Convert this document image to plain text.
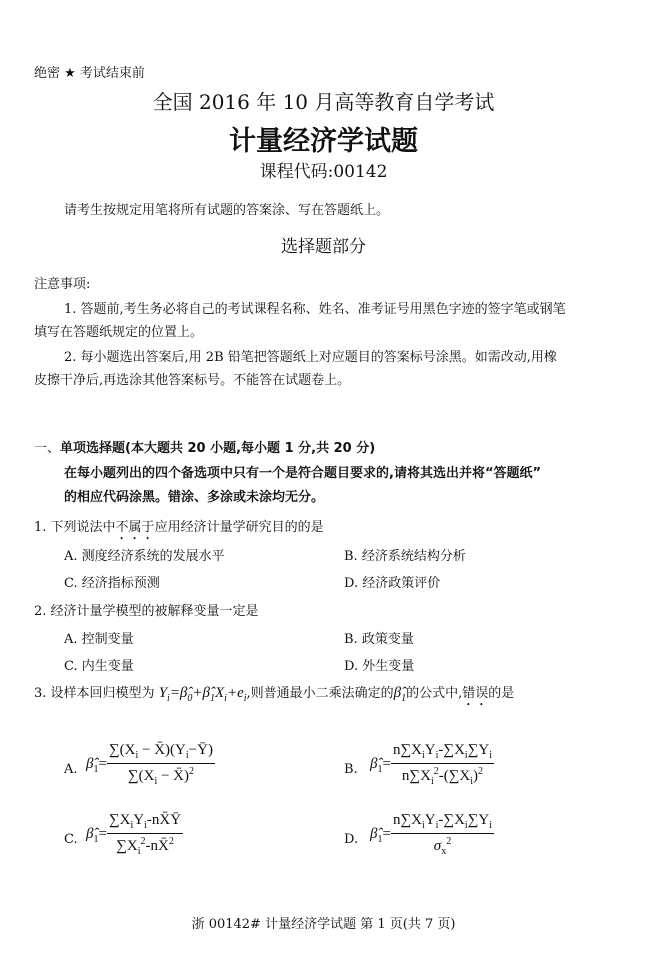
绝密 ★ 考试结束前
全国 2016 年 10 月高等教育自学考试
计量经济学试题
课程代码:00142
请考生按规定用笔将所有试题的答案涂、写在答题纸上。
选择题部分
注意事项:
1. 答题前,考生务必将自己的考试课程名称、姓名、准考证号用黑色字迹的签字笔或钢笔
填写在答题纸规定的位置上。
2. 每小题选出答案后,用 2B 铅笔把答题纸上对应题目的答案标号涂黑。如需改动,用橡
皮擦干净后,再选涂其他答案标号。不能答在试题卷上。
一、单项选择题(本大题共 20 小题,每小题 1 分,共 20 分)
在每小题列出的四个备选项中只有一个是符合题目要求的,请将其选出并将“答题纸”
的相应代码涂黑。错涂、多涂或未涂均无分。
1. 下列说法中不属于应用经济计量学研究目的的是
A. 测度经济系统的发展水平	B. 经济系统结构分析
C. 经济指标预测	D. 经济政策评价
2. 经济计量学模型的被解释变量一定是
A. 控制变量	B. 政策变量
C. 内生变量	D. 外生变量
3. 设样本回归模型为 $Y_i=\betâ_0+\betâ_1X_i+e_i$,则普通最小二乘法确定的$\betâ_1$的公式中,错误的是
A. $\betâ_1= \frac{\sum(X_i - X̄)(Y_i-Ȳ)}{\sum(X_i - X̄)^2}$	B. $\betâ_1= \frac{n\sum X_iY_i-\sum X_i\sum Y_i}{n\sum X_i^2-(\sum X_i)^2}$
C. $\betâ_1= \frac{\sum X_iY_i-nX̄Ȳ}{\sum X_i^2-nX̄^2}$	D. $\betâ_1= \frac{n\sum X_iY_i-\sum X_i\sum Y_i}{\sigma_x^2}$
浙 00142# 计量经济学试题 第 1 页(共 7 页)
